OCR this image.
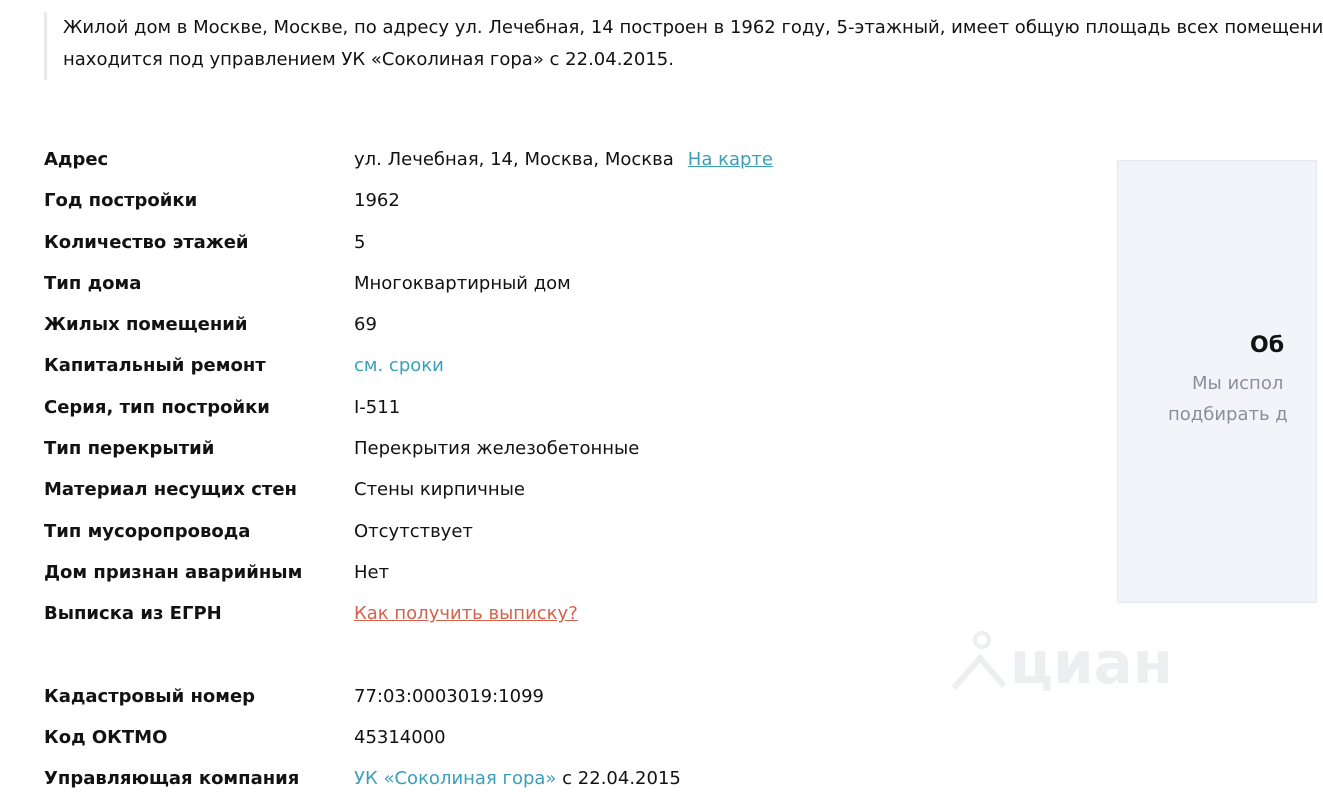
Жилой дом в Москве, Москве, по адресу ул. Лечебная, 14 построен в 1962 году, 5-этажный, имеет общую площадь всех помещени
находится под управлением УК «Соколиная гора» с 22.04.2015.
Адрес	ул. Лечебная, 14, Москва, Москва На карте
Год постройки	1962
Количество этажей	5
Тип дома	Многоквартирный дом
Жилых помещений	69
Капитальный ремонт	см. сроки
Серия, тип постройки	I-511
Тип перекрытий	Перекрытия железобетонные
Материал несущих стен	Стены кирпичные
Тип мусоропровода	Отсутствует
Дом признан аварийным	Нет
Выписка из ЕГРН	Как получить выписку?
Кадастровый номер	77:03:0003019:1099
Код ОКТМО	45314000
Управляющая компания	УК «Соколиная гора» с 22.04.2015
Об
Мы испол
подбирать д
циан
